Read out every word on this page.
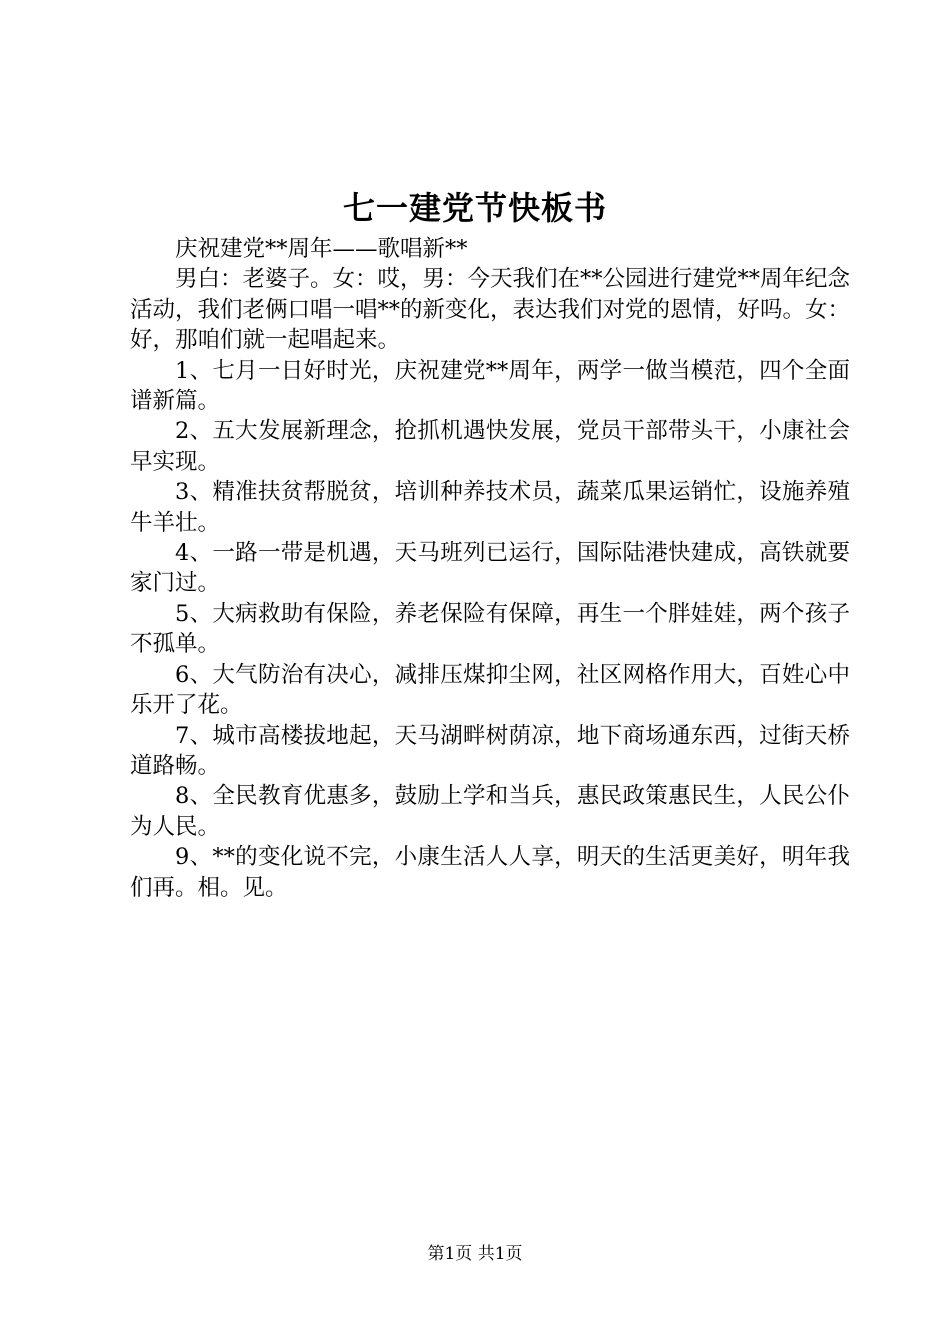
七一建党节快板书

庆祝建党**周年——歌唱新**

男白：老婆子。女：哎，男：今天我们在**公园进行建党**周年纪念活动，我们老俩口唱一唱**的新变化，表达我们对党的恩情，好吗。女：好，那咱们就一起唱起来。

1、七月一日好时光，庆祝建党**周年，两学一做当模范，四个全面谱新篇。

2、五大发展新理念，抢抓机遇快发展，党员干部带头干，小康社会早实现。

3、精准扶贫帮脱贫，培训种养技术员，蔬菜瓜果运销忙，设施养殖牛羊壮。

4、一路一带是机遇，天马班列已运行，国际陆港快建成，高铁就要家门过。

5、大病救助有保险，养老保险有保障，再生一个胖娃娃，两个孩子不孤单。

6、大气防治有决心，减排压煤抑尘网，社区网格作用大，百姓心中乐开了花。

7、城市高楼拔地起，天马湖畔树荫凉，地下商场通东西，过街天桥道路畅。

8、全民教育优惠多，鼓励上学和当兵，惠民政策惠民生，人民公仆为人民。

9、**的变化说不完，小康生活人人享，明天的生活更美好，明年我们再。相。见。

第1页 共1页
